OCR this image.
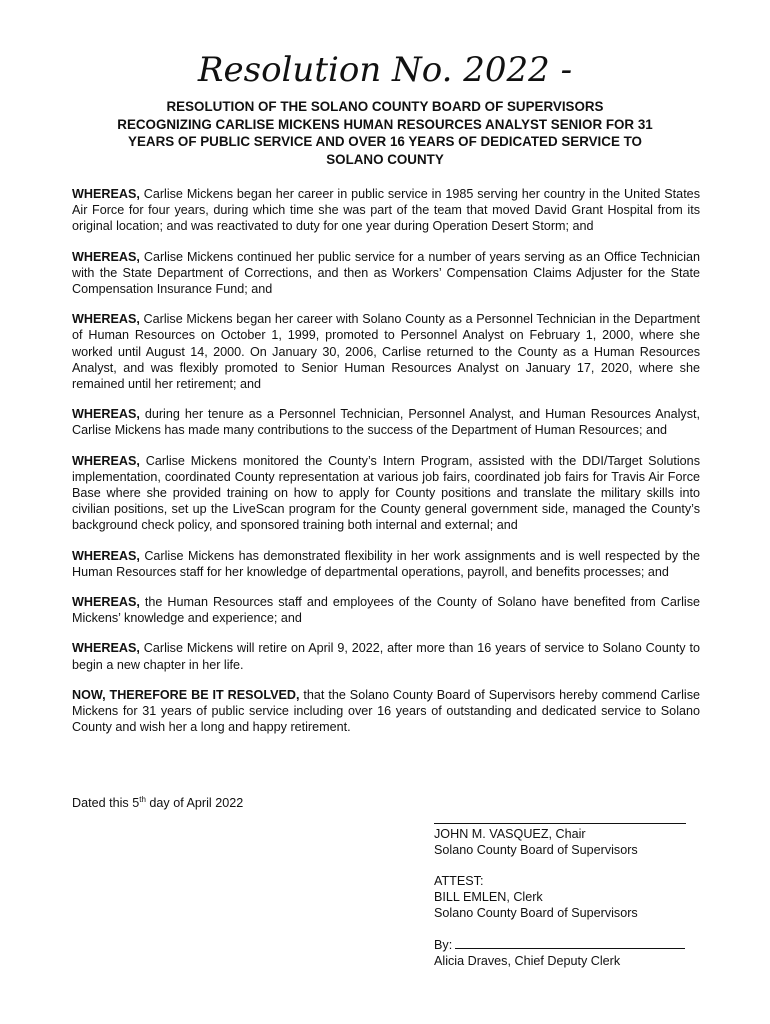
Resolution No. 2022 -
RESOLUTION OF THE SOLANO COUNTY BOARD OF SUPERVISORS
RECOGNIZING CARLISE MICKENS HUMAN RESOURCES ANALYST SENIOR FOR 31
YEARS OF PUBLIC SERVICE AND OVER 16 YEARS OF DEDICATED SERVICE TO
SOLANO COUNTY

WHEREAS, Carlise Mickens began her career in public service in 1985 serving her country in the United States Air Force for four years, during which time she was part of the team that moved David Grant Hospital from its original location; and was reactivated to duty for one year during Operation Desert Storm; and

WHEREAS, Carlise Mickens continued her public service for a number of years serving as an Office Technician with the State Department of Corrections, and then as Workers’ Compensation Claims Adjuster for the State Compensation Insurance Fund; and

WHEREAS, Carlise Mickens began her career with Solano County as a Personnel Technician in the Department of Human Resources on October 1, 1999, promoted to Personnel Analyst on February 1, 2000, where she worked until August 14, 2000. On January 30, 2006, Carlise returned to the County as a Human Resources Analyst, and was flexibly promoted to Senior Human Resources Analyst on January 17, 2020, where she remained until her retirement; and

WHEREAS, during her tenure as a Personnel Technician, Personnel Analyst, and Human Resources Analyst, Carlise Mickens has made many contributions to the success of the Department of Human Resources; and

WHEREAS, Carlise Mickens monitored the County’s Intern Program, assisted with the DDI/Target Solutions implementation, coordinated County representation at various job fairs, coordinated job fairs for Travis Air Force Base where she provided training on how to apply for County positions and translate the military skills into civilian positions, set up the LiveScan program for the County general government side, managed the County’s background check policy, and sponsored training both internal and external; and

WHEREAS, Carlise Mickens has demonstrated flexibility in her work assignments and is well respected by the Human Resources staff for her knowledge of departmental operations, payroll, and benefits processes; and

WHEREAS, the Human Resources staff and employees of the County of Solano have benefited from Carlise Mickens’ knowledge and experience; and

WHEREAS, Carlise Mickens will retire on April 9, 2022, after more than 16 years of service to Solano County to begin a new chapter in her life.

NOW, THEREFORE BE IT RESOLVED, that the Solano County Board of Supervisors hereby commend Carlise Mickens for 31 years of public service including over 16 years of outstanding and dedicated service to Solano County and wish her a long and happy retirement.

Dated this 5th day of April 2022
JOHN M. VASQUEZ, Chair
Solano County Board of Supervisors
ATTEST:
BILL EMLEN, Clerk
Solano County Board of Supervisors
By:
Alicia Draves, Chief Deputy Clerk
